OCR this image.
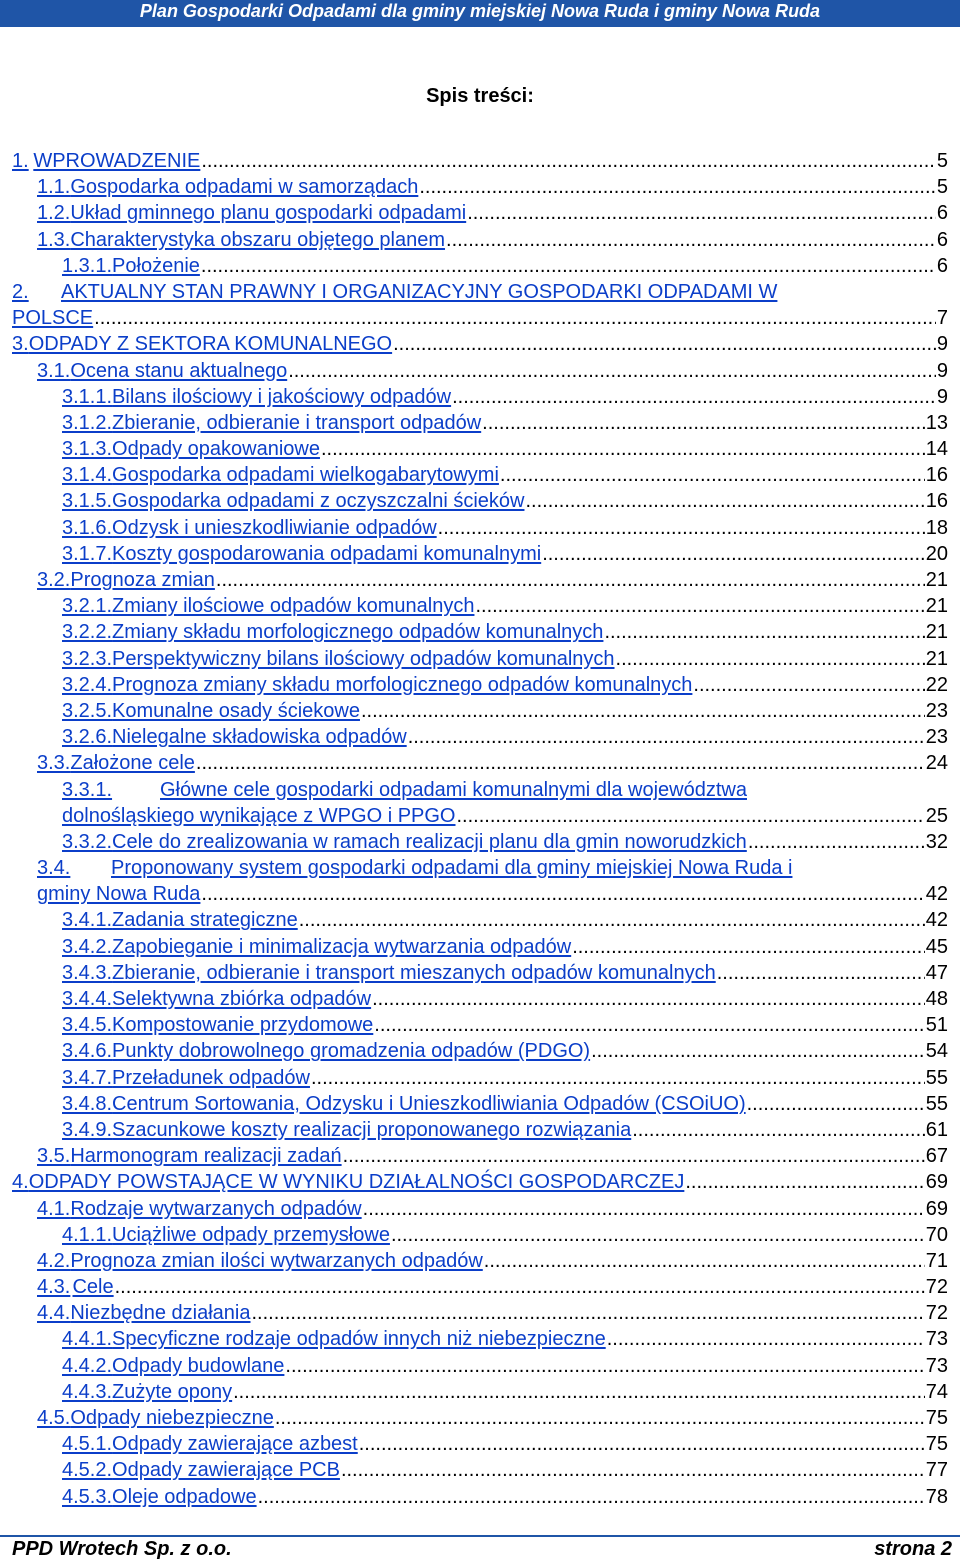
Plan Gospodarki Odpadami dla gminy miejskiej Nowa Ruda i gminy Nowa Ruda
Spis treści:
1. WPROWADZENIE .....	5
1.1. Gospodarka odpadami w samorządach .....	5
1.2. Układ gminnego planu gospodarki odpadami .....	6
1.3. Charakterystyka obszaru objętego planem .....	6
1.3.1. Położenie .....	6
2. AKTUALNY STAN PRAWNY I ORGANIZACYJNY GOSPODARKI ODPADAMI W
POLSCE .....	7
3. ODPADY Z SEKTORA KOMUNALNEGO .....	9
3.1. Ocena stanu aktualnego .....	9
3.1.1. Bilans ilościowy i jakościowy odpadów .....	9
3.1.2. Zbieranie, odbieranie i transport odpadów .....	13
3.1.3. Odpady opakowaniowe .....	14
3.1.4. Gospodarka odpadami wielkogabarytowymi .....	16
3.1.5. Gospodarka odpadami z oczyszczalni ścieków .....	16
3.1.6. Odzysk i unieszkodliwianie odpadów .....	18
3.1.7. Koszty gospodarowania odpadami komunalnymi .....	20
3.2. Prognoza zmian .....	21
3.2.1. Zmiany ilościowe odpadów komunalnych .....	21
3.2.2. Zmiany składu morfologicznego odpadów komunalnych .....	21
3.2.3. Perspektywiczny bilans ilościowy odpadów komunalnych .....	21
3.2.4. Prognoza zmiany składu morfologicznego odpadów komunalnych .....	22
3.2.5. Komunalne osady ściekowe .....	23
3.2.6. Nielegalne składowiska odpadów .....	23
3.3. Założone cele .....	24
3.3.1. Główne cele gospodarki odpadami komunalnymi dla województwa
dolnośląskiego wynikające z WPGO i PPGO .....	25
3.3.2. Cele do zrealizowania w ramach realizacji planu dla gmin noworudzkich .....	32
3.4. Proponowany system gospodarki odpadami dla gminy miejskiej Nowa Ruda i
gminy Nowa Ruda .....	42
3.4.1. Zadania strategiczne .....	42
3.4.2. Zapobieganie i minimalizacja wytwarzania odpadów .....	45
3.4.3. Zbieranie, odbieranie i transport mieszanych odpadów komunalnych .....	47
3.4.4. Selektywna zbiórka odpadów .....	48
3.4.5. Kompostowanie przydomowe .....	51
3.4.6. Punkty dobrowolnego gromadzenia odpadów (PDGO) .....	54
3.4.7. Przeładunek odpadów .....	55
3.4.8. Centrum Sortowania, Odzysku i Unieszkodliwiania Odpadów (CSOiUO) .....	55
3.4.9. Szacunkowe koszty realizacji proponowanego rozwiązania .....	61
3.5. Harmonogram realizacji zadań .....	67
4. ODPADY POWSTAJĄCE W WYNIKU DZIAŁALNOŚCI GOSPODARCZEJ .....	69
4.1. Rodzaje wytwarzanych odpadów .....	69
4.1.1. Uciążliwe odpady przemysłowe .....	70
4.2. Prognoza zmian ilości wytwarzanych odpadów .....	71
4.3. Cele .....	72
4.4. Niezbędne działania .....	72
4.4.1. Specyficzne rodzaje odpadów innych niż niebezpieczne .....	73
4.4.2. Odpady budowlane .....	73
4.4.3. Zużyte opony .....	74
4.5. Odpady niebezpieczne .....	75
4.5.1. Odpady zawierające azbest .....	75
4.5.2. Odpady zawierające PCB .....	77
4.5.3. Oleje odpadowe .....	78
PPD Wrotech Sp. z o.o.	strona 2
